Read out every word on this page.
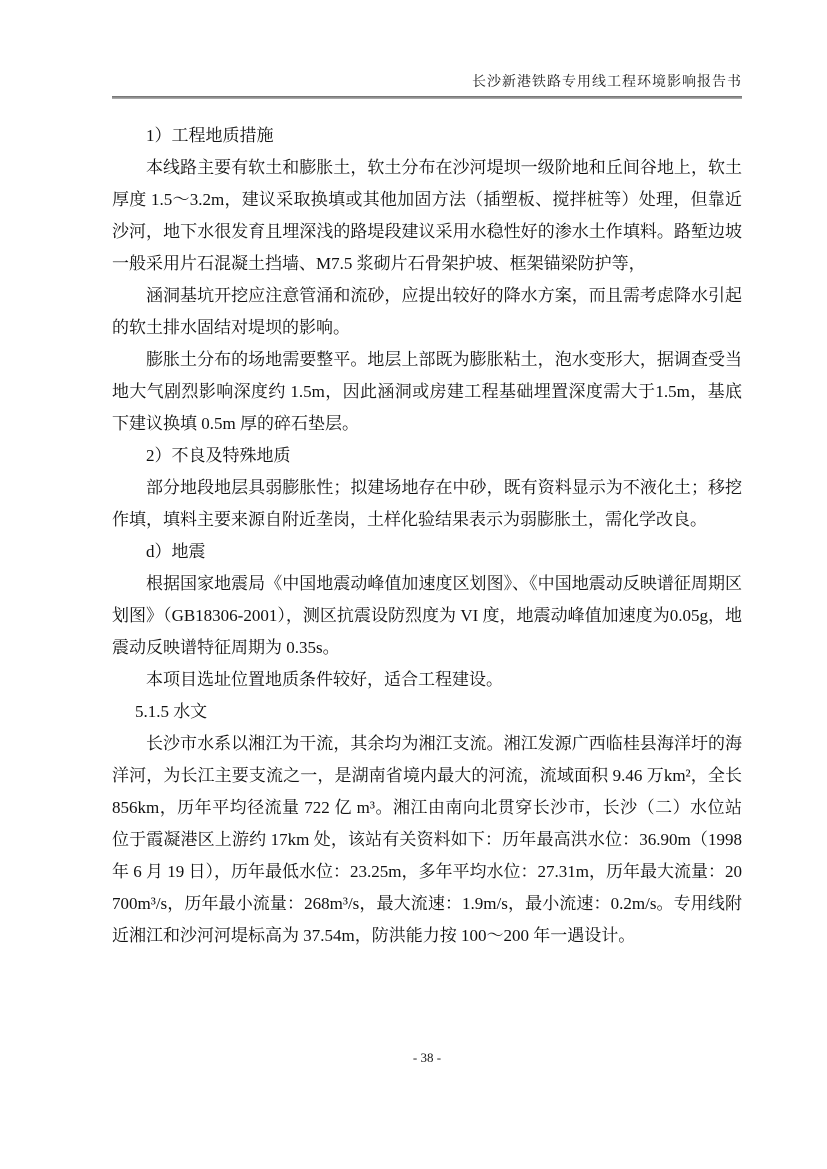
长沙新港铁路专用线工程环境影响报告书

1）工程地质措施

本线路主要有软土和膨胀土，软土分布在沙河堤坝一级阶地和丘间谷地上，软土厚度 1.5～3.2m，建议采取换填或其他加固方法（插塑板、搅拌桩等）处理，但靠近沙河，地下水很发育且埋深浅的路堤段建议采用水稳性好的渗水土作填料。路堑边坡一般采用片石混凝土挡墙、M7.5 浆砌片石骨架护坡、框架锚梁防护等，

涵洞基坑开挖应注意管涌和流砂，应提出较好的降水方案，而且需考虑降水引起的软土排水固结对堤坝的影响。

膨胀土分布的场地需要整平。地层上部既为膨胀粘土，泡水变形大，据调查受当地大气剧烈影响深度约 1.5m，因此涵洞或房建工程基础埋置深度需大于1.5m，基底下建议换填 0.5m 厚的碎石垫层。

2）不良及特殊地质

部分地段地层具弱膨胀性；拟建场地存在中砂，既有资料显示为不液化土；移挖作填，填料主要来源自附近垄岗，土样化验结果表示为弱膨胀土，需化学改良。

d）地震

根据国家地震局《中国地震动峰值加速度区划图》、《中国地震动反映谱征周期区划图》（GB18306-2001），测区抗震设防烈度为 VI 度，地震动峰值加速度为0.05g，地震动反映谱特征周期为 0.35s。

本项目选址位置地质条件较好，适合工程建设。

5.1.5 水文

长沙市水系以湘江为干流，其余均为湘江支流。湘江发源广西临桂县海洋圩的海洋河，为长江主要支流之一，是湖南省境内最大的河流，流域面积 9.46 万km²，全长 856km，历年平均径流量 722 亿 m³。湘江由南向北贯穿长沙市，长沙（二）水位站位于霞凝港区上游约 17km 处，该站有关资料如下：历年最高洪水位：36.90m（1998 年 6 月 19 日），历年最低水位：23.25m，多年平均水位：27.31m，历年最大流量：20700m³/s，历年最小流量：268m³/s，最大流速：1.9m/s，最小流速：0.2m/s。专用线附近湘江和沙河河堤标高为 37.54m，防洪能力按 100～200 年一遇设计。

- 38 -
